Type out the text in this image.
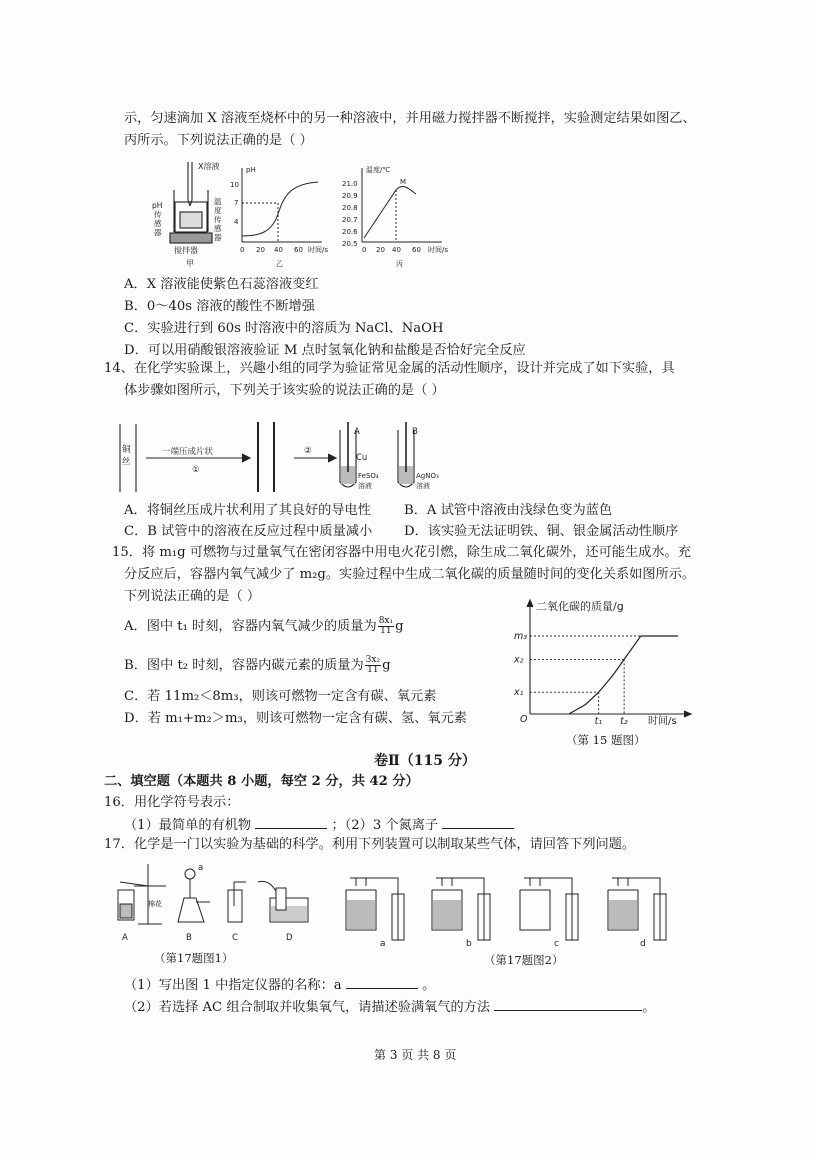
示，匀速滴加 X 溶液至烧杯中的另一种溶液中，并用磁力搅拌器不断搅拌，实验测定结果如图乙、
丙所示。下列说法正确的是（ ）
X溶液
搅拌器
甲
pH
传
感
器
温
度
传
感
器
pH
10
7
4
0 20 40 60 时间/s
乙
温度/℃
M
21.0
20.9
20.8
20.7
20.6
20.5
0 20 40 60 时间/s
丙
A．X 溶液能使紫色石蕊溶液变红
B．0～40s 溶液的酸性不断增强
C．实验进行到 60s 时溶液中的溶质为 NaCl、NaOH
D．可以用硝酸银溶液验证 M 点时氢氧化钠和盐酸是否恰好完全反应
14、在化学实验课上，兴趣小组的同学为验证常见金属的活动性顺序，设计并完成了如下实验，具
体步骤如图所示，下列关于该实验的说法正确的是（ ）
铜
丝
一端压成片状
①
②
A
Cu
B
FeSO₄
溶液
AgNO₃
溶液
A．将铜丝压成片状利用了其良好的导电性	B．A 试管中溶液由浅绿色变为蓝色
C．B 试管中的溶液在反应过程中质量减小 D．该实验无法证明铁、铜、银金属活动性顺序
15．将 m₁g 可燃物与过量氧气在密闭容器中用电火花引燃，除生成二氧化碳外，还可能生成水。充
分反应后，容器内氧气减少了 m₂g。实验过程中生成二氧化碳的质量随时间的变化关系如图所示。
下列说法正确的是（ ）
A．图中 t₁ 时刻，容器内氧气减少的质量为 $\frac{\text{8x₁}}{11}$ g
B．图中 t₂ 时刻，容器内碳元素的质量为 $\frac{\text{3x₂}}{11}$ g
C．若 11m₂＜8m₃，则该可燃物一定含有碳、氧元素
D．若 m₁+m₂＞m₃，则该可燃物一定含有碳、氢、氧元素
二氧化碳的质量/g
O
m₃
x₂
x₁
t₁ t₂ 时间/s
（第 15 题图）
卷Ⅱ（115 分）
二、填空题（本题共 8 小题，每空 2 分，共 42 分）
16．用化学符号表示：
（1）最简单的有机物	；（2）3 个氮离子
17．化学是一门以实验为基础的科学。利用下列装置可以制取某些气体，请回答下列问题。
a
棉花
A	B	C	D
（第17题图1）
a	b	c	d
（第17题图2）
（1）写出图 1 中指定仪器的名称：a	。
（2）若选择 AC 组合制取并收集氧气，请描述验满氧气的方法	。
第 3 页 共 8 页
